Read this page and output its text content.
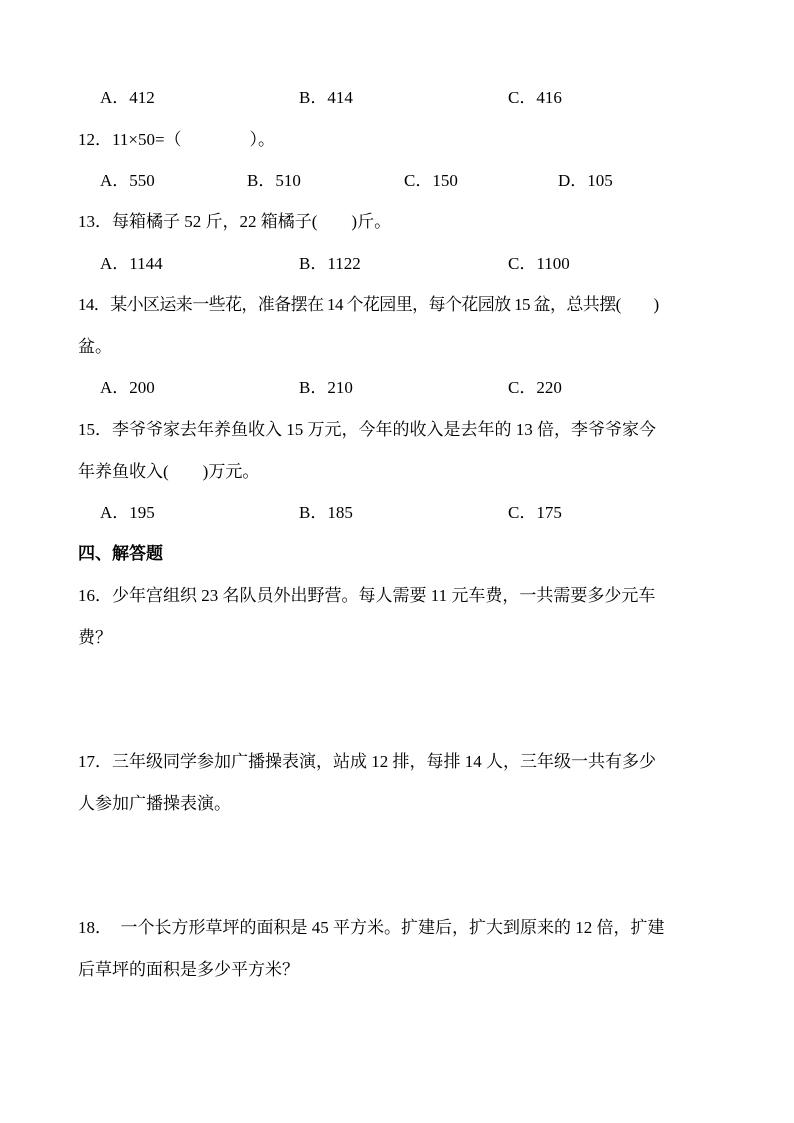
A．412	B．414	C．416
12．11×50=（　　　　）。
A．550	B．510	C．150	D．105
13．每箱橘子 52 斤，22 箱橘子(　　)斤。
A．1144	B．1122	C．1100
14．某小区运来一些花，准备摆在 14 个花园里，每个花园放 15 盆，总共摆(　　)
盆。
A．200	B．210	C．220
15．李爷爷家去年养鱼收入 15 万元，今年的收入是去年的 13 倍，李爷爷家今
年养鱼收入(　　)万元。
A．195	B．185	C．175
四、解答题
16．少年宫组织 23 名队员外出野营。每人需要 11 元车费，一共需要多少元车
费？
17．三年级同学参加广播操表演，站成 12 排，每排 14 人，三年级一共有多少
人参加广播操表演。
18．　一个长方形草坪的面积是 45 平方米。扩建后，扩大到原来的 12 倍，扩建
后草坪的面积是多少平方米？
